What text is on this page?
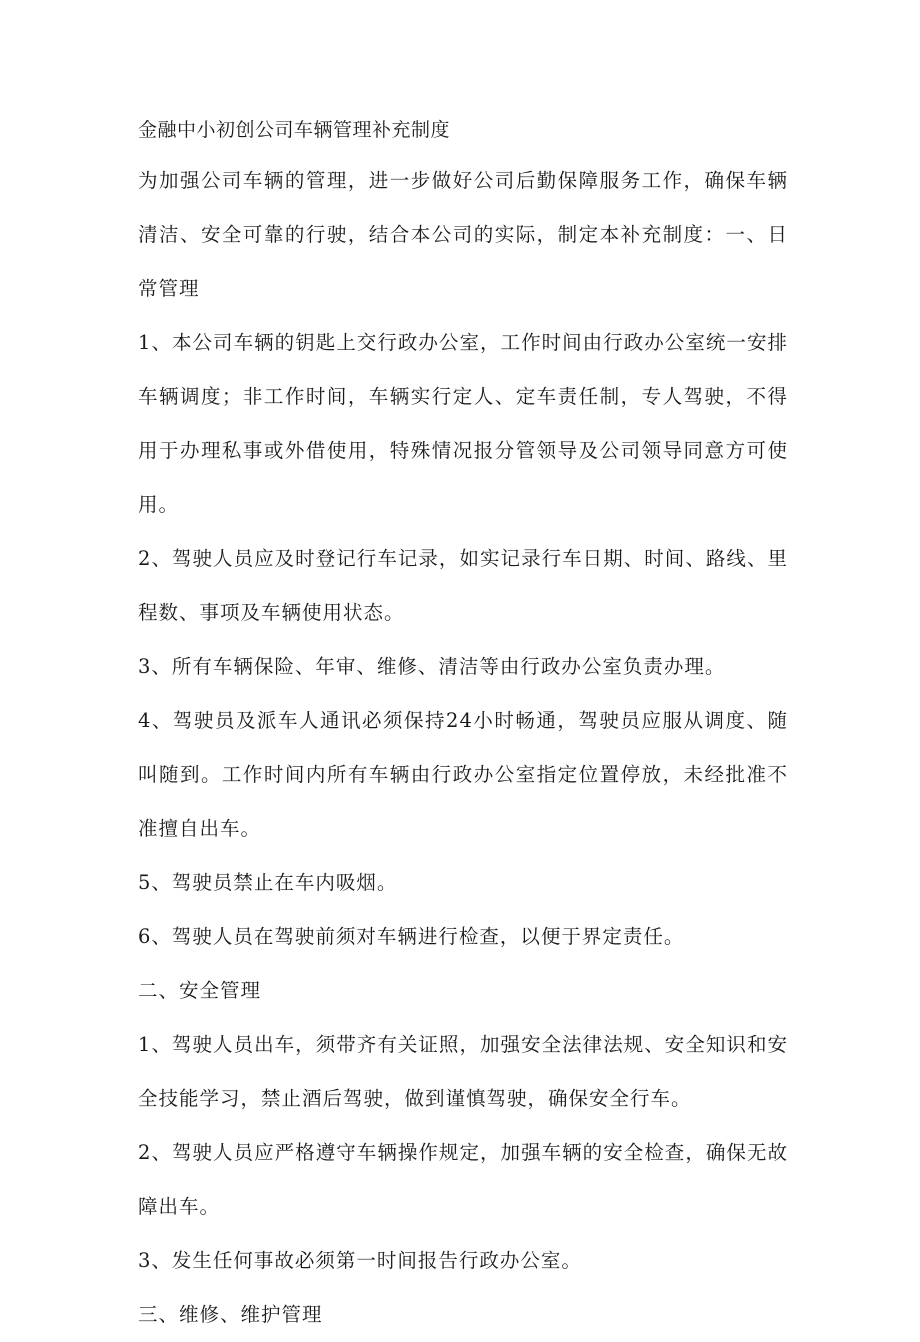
金融中小初创公司车辆管理补充制度

为加强公司车辆的管理，进一步做好公司后勤保障服务工作，确保车辆清洁、安全可靠的行驶，结合本公司的实际，制定本补充制度：一、日常管理

1、本公司车辆的钥匙上交行政办公室，工作时间由行政办公室统一安排车辆调度；非工作时间，车辆实行定人、定车责任制，专人驾驶，不得用于办理私事或外借使用，特殊情况报分管领导及公司领导同意方可使用。

2、驾驶人员应及时登记行车记录，如实记录行车日期、时间、路线、里程数、事项及车辆使用状态。

3、所有车辆保险、年审、维修、清洁等由行政办公室负责办理。

4、驾驶员及派车人通讯必须保持24小时畅通，驾驶员应服从调度、随叫随到。工作时间内所有车辆由行政办公室指定位置停放，未经批准不准擅自出车。

5、驾驶员禁止在车内吸烟。

6、驾驶人员在驾驶前须对车辆进行检查，以便于界定责任。

二、安全管理

1、驾驶人员出车，须带齐有关证照，加强安全法律法规、安全知识和安全技能学习，禁止酒后驾驶，做到谨慎驾驶，确保安全行车。

2、驾驶人员应严格遵守车辆操作规定，加强车辆的安全检查，确保无故障出车。

3、发生任何事故必须第一时间报告行政办公室。

三、维修、维护管理
